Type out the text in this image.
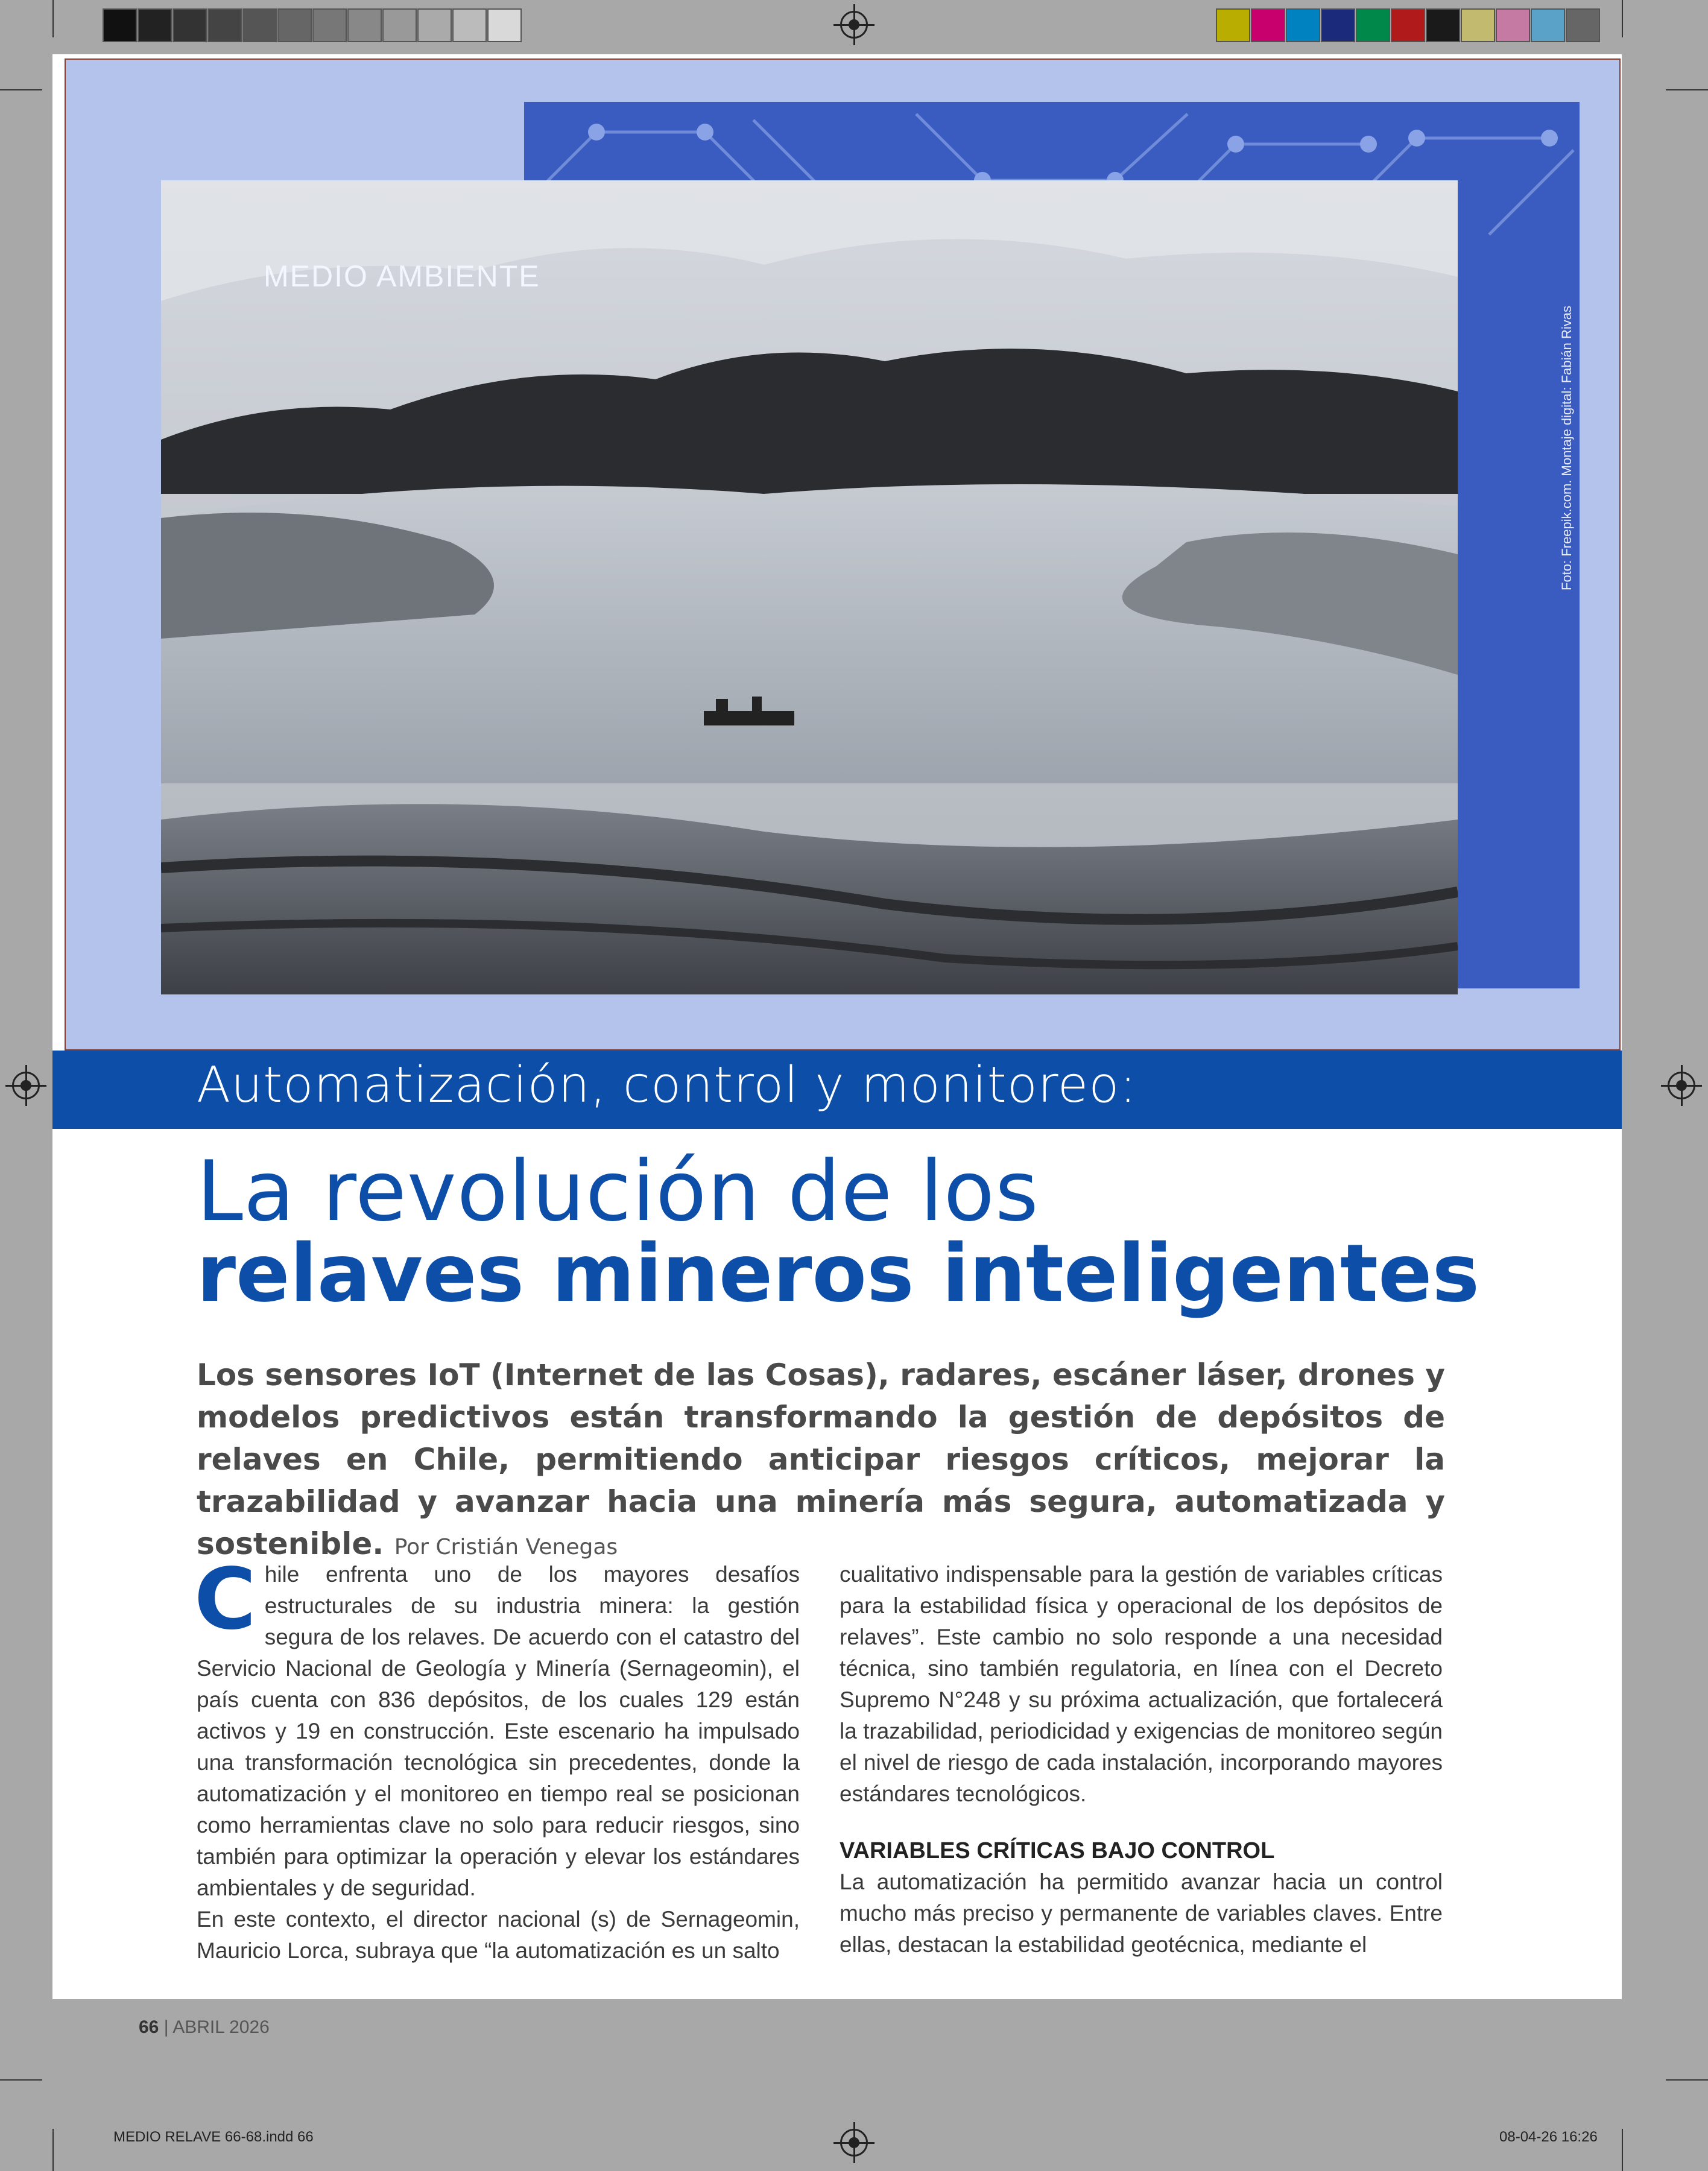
MEDIO AMBIENTE
Foto: Freepik.com. Montaje digital: Fabián Rivas
Automatización, control y monitoreo:
La revolución de los
relaves mineros inteligentes
Los sensores IoT (Internet de las Cosas), radares, escáner láser, drones y modelos predictivos están transformando la gestión de depósitos de relaves en Chile, permitiendo anticipar riesgos críticos, mejorar la trazabilidad y avanzar hacia una minería más segura, automatizada y sostenible. Por Cristián Venegas
C hile enfrenta uno de los mayores desafíos estructurales de su industria minera: la gestión segura de los relaves. De acuerdo con el catastro del Servicio Nacional de Geología y Minería (Sernageomin), el país cuenta con 836 depósitos, de los cuales 129 están activos y 19 en construcción. Este escenario ha impulsado una transformación tecnológica sin precedentes, donde la automatización y el monitoreo en tiempo real se posicionan como herramientas clave no solo para reducir riesgos, sino también para optimizar la operación y elevar los estándares ambientales y de seguridad.

En este contexto, el director nacional (s) de Sernageomin, Mauricio Lorca, subraya que “la automatización es un salto

cualitativo indispensable para la gestión de variables críticas para la estabilidad física y operacional de los depósitos de relaves”. Este cambio no solo responde a una necesidad técnica, sino también regulatoria, en línea con el Decreto Supremo N°248 y su próxima actualización, que fortalecerá la trazabilidad, periodicidad y exigencias de monitoreo según el nivel de riesgo de cada instalación, incorporando mayores estándares tecnológicos.

VARIABLES CRÍTICAS BAJO CONTROL

La automatización ha permitido avanzar hacia un control mucho más preciso y permanente de variables claves. Entre ellas, destacan la estabilidad geotécnica, mediante el

66 | ABRIL 2026
MEDIO RELAVE 66-68.indd 66	08-04-26 16:26
